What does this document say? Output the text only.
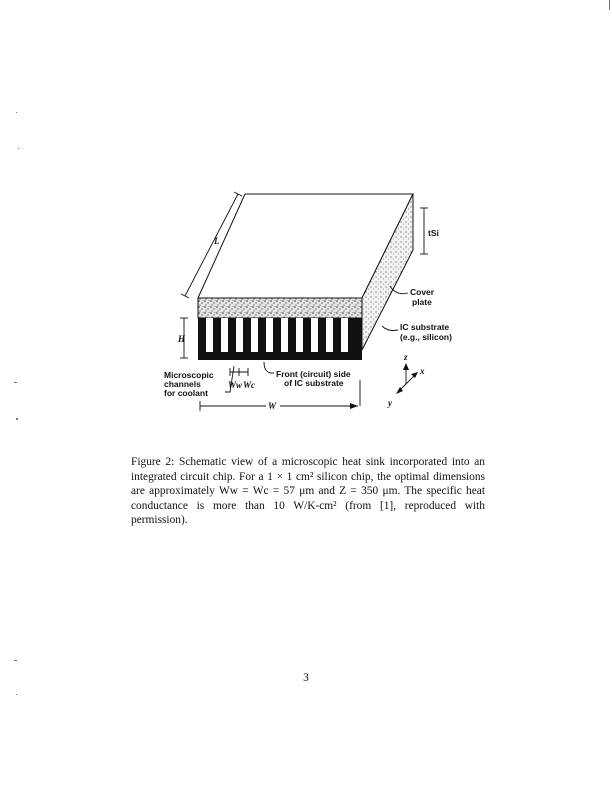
L
tSi
H
Cover
plate
IC substrate
(e.g., silicon)
Microscopic
channels
for coolant
Ww Wc
Front (circuit) side
of IC substrate
W
z
x
y
Figure 2: Schematic view of a microscopic heat sink incorporated into an integrated circuit chip. For a 1 × 1 cm² silicon chip, the optimal dimensions are approximately Ww = Wc = 57 μm and Z = 350 μm. The specific heat conductance is more than 10 W/K-cm² (from [1], reproduced with permission).
3
